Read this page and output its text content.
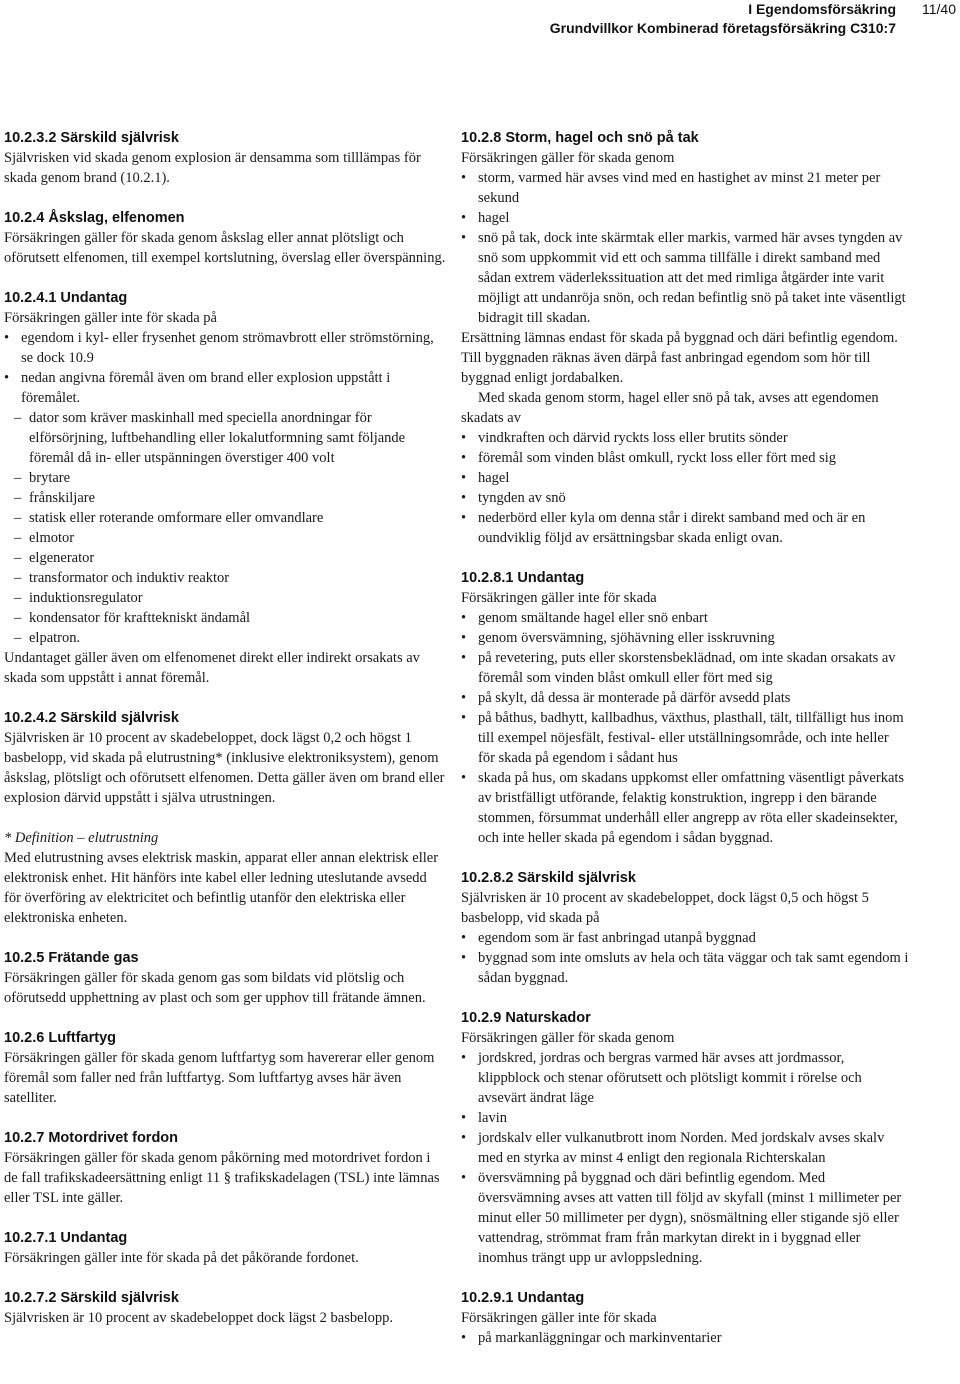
I Egendomsförsäkring
Grundvillkor Kombinerad företagsförsäkring C310:7
11/40

10.2.3.2 Särskild självrisk

Självrisken vid skada genom explosion är densamma som tilllämpas för skada genom brand (10.2.1).

10.2.4 Åskslag, elfenomen

Försäkringen gäller för skada genom åskslag eller annat plötsligt och oförutsett elfenomen, till exempel kortslutning, överslag eller överspänning.

10.2.4.1 Undantag

Försäkringen gäller inte för skada på

• egendom i kyl- eller frysenhet genom strömavbrott eller strömstörning, se dock 10.9
• nedan angivna föremål även om brand eller explosion uppstått i föremålet.
– dator som kräver maskinhall med speciella anordningar för elförsörjning, luftbehandling eller lokalutformning samt följande föremål då in- eller utspänningen överstiger 400 volt
– brytare
– frånskiljare
– statisk eller roterande omformare eller omvandlare
– elmotor
– elgenerator
– transformator och induktiv reaktor
– induktionsregulator
– kondensator för krafttekniskt ändamål
– elpatron.

Undantaget gäller även om elfenomenet direkt eller indirekt orsakats av skada som uppstått i annat föremål.

10.2.4.2 Särskild självrisk

Självrisken är 10 procent av skadebeloppet, dock lägst 0,2 och högst 1 basbelopp, vid skada på elutrustning* (inklusive elektroniksystem), genom åskslag, plötsligt och oförutsett elfenomen. Detta gäller även om brand eller explosion därvid uppstått i själva utrustningen.

* Definition – elutrustning

Med elutrustning avses elektrisk maskin, apparat eller annan elektrisk eller elektronisk enhet. Hit hänförs inte kabel eller ledning uteslutande avsedd för överföring av elektricitet och befintlig utanför den elektriska eller elektroniska enheten.

10.2.5 Frätande gas

Försäkringen gäller för skada genom gas som bildats vid plötslig och oförutsedd upphettning av plast och som ger upphov till frätande ämnen.

10.2.6 Luftfartyg

Försäkringen gäller för skada genom luftfartyg som havererar eller genom föremål som faller ned från luftfartyg. Som luftfartyg avses här även satelliter.

10.2.7 Motordrivet fordon

Försäkringen gäller för skada genom påkörning med motordrivet fordon i de fall trafikskadeersättning enligt 11 § trafikskadelagen (TSL) inte lämnas eller TSL inte gäller.

10.2.7.1 Undantag

Försäkringen gäller inte för skada på det påkörande fordonet.

10.2.7.2 Särskild självrisk

Självrisken är 10 procent av skadebeloppet dock lägst 2 basbelopp.

10.2.8 Storm, hagel och snö på tak

Försäkringen gäller för skada genom

• storm, varmed här avses vind med en hastighet av minst 21 meter per sekund
• hagel
• snö på tak, dock inte skärmtak eller markis, varmed här avses tyngden av snö som uppkommit vid ett och samma tillfälle i direkt samband med sådan extrem väderlekssituation att det med rimliga åtgärder inte varit möjligt att undanröja snön, och redan befintlig snö på taket inte väsentligt bidragit till skadan.

Ersättning lämnas endast för skada på byggnad och däri befintlig egendom. Till byggnaden räknas även därpå fast anbringad egendom som hör till byggnad enligt jordabalken.

Med skada genom storm, hagel eller snö på tak, avses att egendomen skadats av

• vindkraften och därvid ryckts loss eller brutits sönder
• föremål som vinden blåst omkull, ryckt loss eller fört med sig
• hagel
• tyngden av snö
• nederbörd eller kyla om denna står i direkt samband med och är en oundviklig följd av ersättningsbar skada enligt ovan.

10.2.8.1 Undantag

Försäkringen gäller inte för skada

• genom smältande hagel eller snö enbart
• genom översvämning, sjöhävning eller isskruvning
• på revetering, puts eller skorstensbeklädnad, om inte skadan orsakats av föremål som vinden blåst omkull eller fört med sig
• på skylt, då dessa är monterade på därför avsedd plats
• på båthus, badhytt, kallbadhus, växthus, plasthall, tält, tillfälligt hus inom till exempel nöjesfält, festival- eller utställningsområde, och inte heller för skada på egendom i sådant hus
• skada på hus, om skadans uppkomst eller omfattning väsentligt påverkats av bristfälligt utförande, felaktig konstruktion, ingrepp i den bärande stommen, försummat underhåll eller angrepp av röta eller skadeinsekter, och inte heller skada på egendom i sådan byggnad.

10.2.8.2 Särskild självrisk

Självrisken är 10 procent av skadebeloppet, dock lägst 0,5 och högst 5 basbelopp, vid skada på

• egendom som är fast anbringad utanpå byggnad
• byggnad som inte omsluts av hela och täta väggar och tak samt egendom i sådan byggnad.

10.2.9 Naturskador

Försäkringen gäller för skada genom

• jordskred, jordras och bergras varmed här avses att jordmassor, klippblock och stenar oförutsett och plötsligt kommit i rörelse och avsevärt ändrat läge
• lavin
• jordskalv eller vulkanutbrott inom Norden. Med jordskalv avses skalv med en styrka av minst 4 enligt den regionala Richterskalan
• översvämning på byggnad och däri befintlig egendom. Med översvämning avses att vatten till följd av skyfall (minst 1 millimeter per minut eller 50 millimeter per dygn), snösmältning eller stigande sjö eller vattendrag, strömmat fram från markytan direkt in i byggnad eller inomhus trängt upp ur avloppsledning.

10.2.9.1 Undantag

Försäkringen gäller inte för skada

• på markanläggningar och markinventarier
